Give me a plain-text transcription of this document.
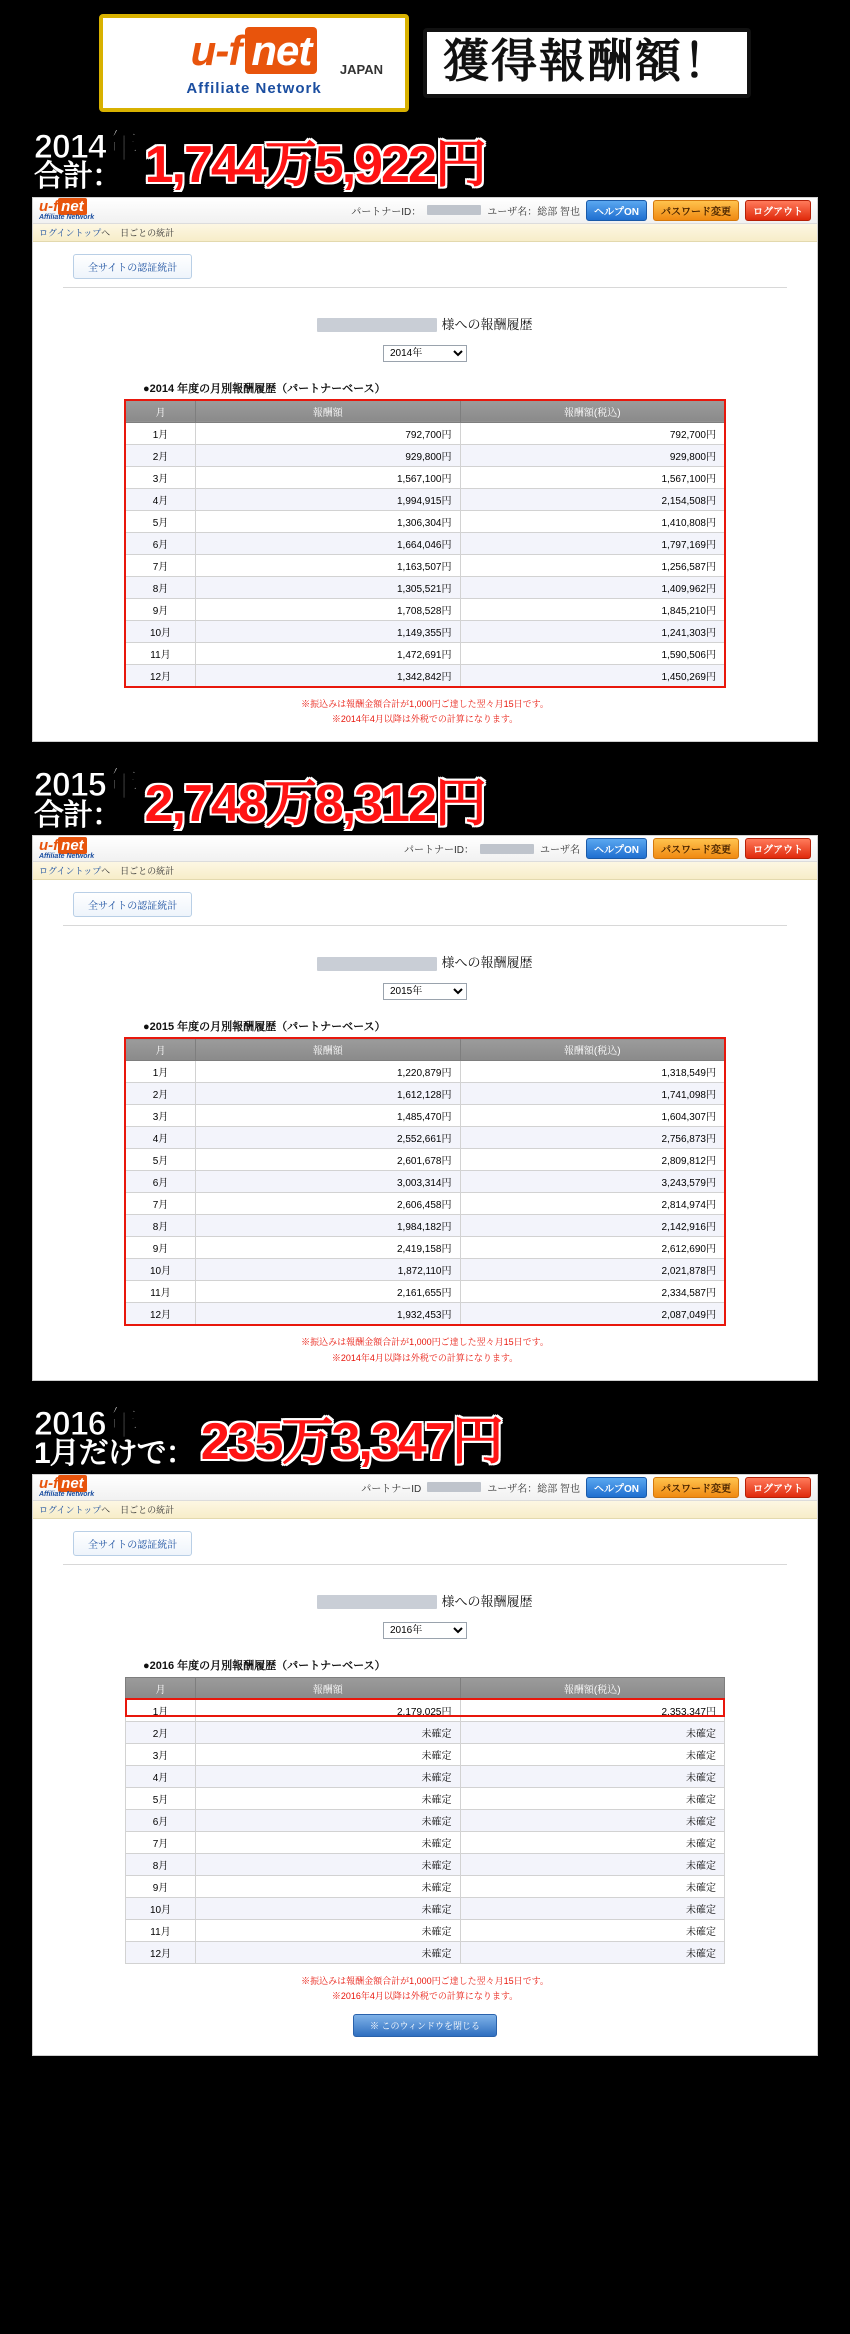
u-f net	JAPAN
Affiliate Network
獲得報酬額！
2014年
合計： 1,744万5,922円
u-f net
Affiliate Network	パートナーID：	ユーザ名：総部 智也	ヘルプON	パスワード変更	ログアウト
ログイントップへ 日ごとの統計
全サイトの認証統計
様への報酬履歴
2014年
●2014 年度の月別報酬履歴（パートナーベース）
月	報酬額	報酬額(税込)
1月	792,700円	792,700円
2月	929,800円	929,800円
3月	1,567,100円	1,567,100円
4月	1,994,915円	2,154,508円
5月	1,306,304円	1,410,808円
6月	1,664,046円	1,797,169円
7月	1,163,507円	1,256,587円
8月	1,305,521円	1,409,962円
9月	1,708,528円	1,845,210円
10月	1,149,355円	1,241,303円
11月	1,472,691円	1,590,506円
12月	1,342,842円	1,450,269円
※振込みは報酬金額合計が1,000円ご達した翌々月15日です。
※2014年4月以降は外税での計算になります。
2015年
合計： 2,748万8,312円
u-f net
Affiliate Network	パートナーID：	ユーザ名	ヘルプON	パスワード変更	ログアウト
ログイントップへ 日ごとの統計
全サイトの認証統計
様への報酬履歴
2015年
●2015 年度の月別報酬履歴（パートナーベース）
月	報酬額	報酬額(税込)
1月	1,220,879円	1,318,549円
2月	1,612,128円	1,741,098円
3月	1,485,470円	1,604,307円
4月	2,552,661円	2,756,873円
5月	2,601,678円	2,809,812円
6月	3,003,314円	3,243,579円
7月	2,606,458円	2,814,974円
8月	1,984,182円	2,142,916円
9月	2,419,158円	2,612,690円
10月	1,872,110円	2,021,878円
11月	2,161,655円	2,334,587円
12月	1,932,453円	2,087,049円
※振込みは報酬金額合計が1,000円ご達した翌々月15日です。
※2014年4月以降は外税での計算になります。
2016年
1月だけで： 235万3,347円
u-f net
Affiliate Network	パートナーID	ユーザ名：総部 智也	ヘルプON	パスワード変更	ログアウト
ログイントップへ 日ごとの統計
全サイトの認証統計
様への報酬履歴
2016年
●2016 年度の月別報酬履歴（パートナーベース）
月	報酬額	報酬額(税込)
1月	2,179,025円	2,353,347円
2月	未確定	未確定
3月	未確定	未確定
4月	未確定	未確定
5月	未確定	未確定
6月	未確定	未確定
7月	未確定	未確定
8月	未確定	未確定
9月	未確定	未確定
10月	未確定	未確定
11月	未確定	未確定
12月	未確定	未確定
※振込みは報酬金額合計が1,000円ご達した翌々月15日です。
※2016年4月以降は外税での計算になります。
※ このウィンドウを閉じる
